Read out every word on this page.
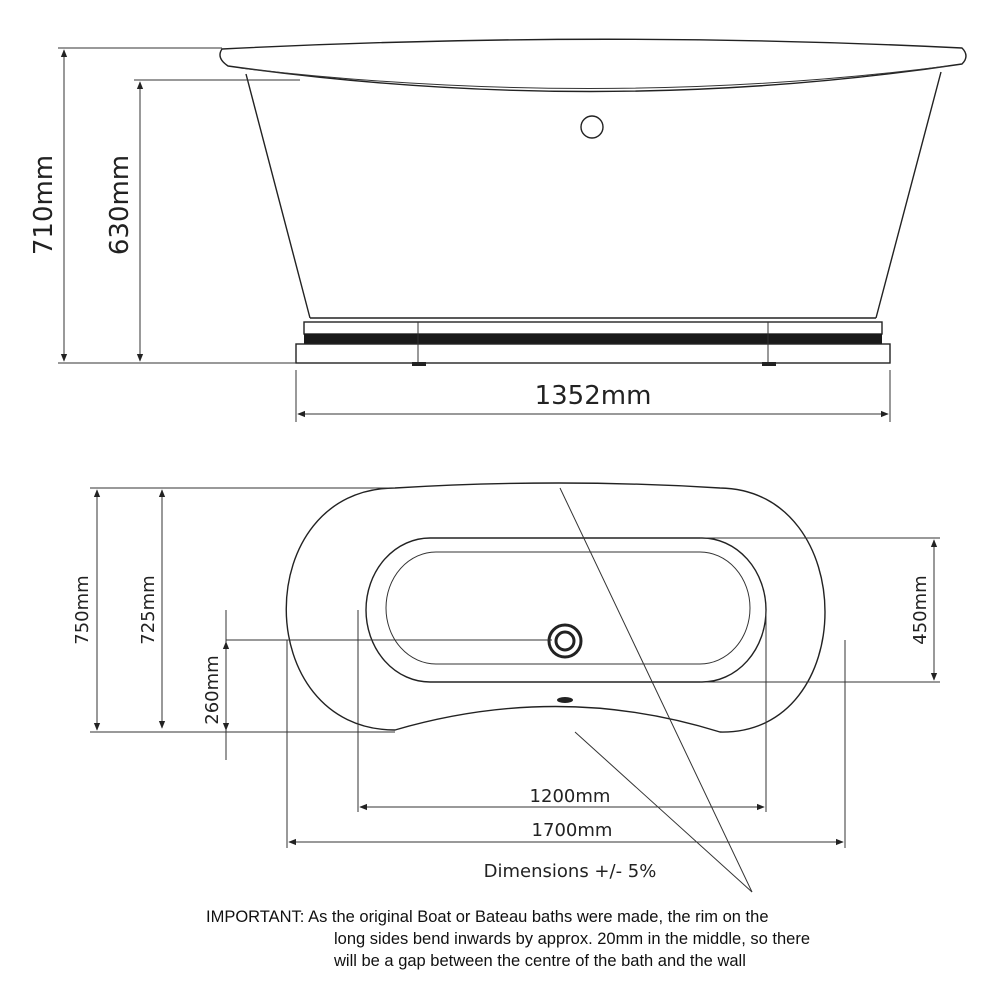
710mm 630mm
1352mm
750mm	725mm
260mm
450mm
1200mm
1700mm
Dimensions +/- 5%
IMPORTANT: As the original Boat or Bateau baths were made, the rim on the
long sides bend inwards by approx. 20mm in the middle, so there
will be a gap between the centre of the bath and the wall
